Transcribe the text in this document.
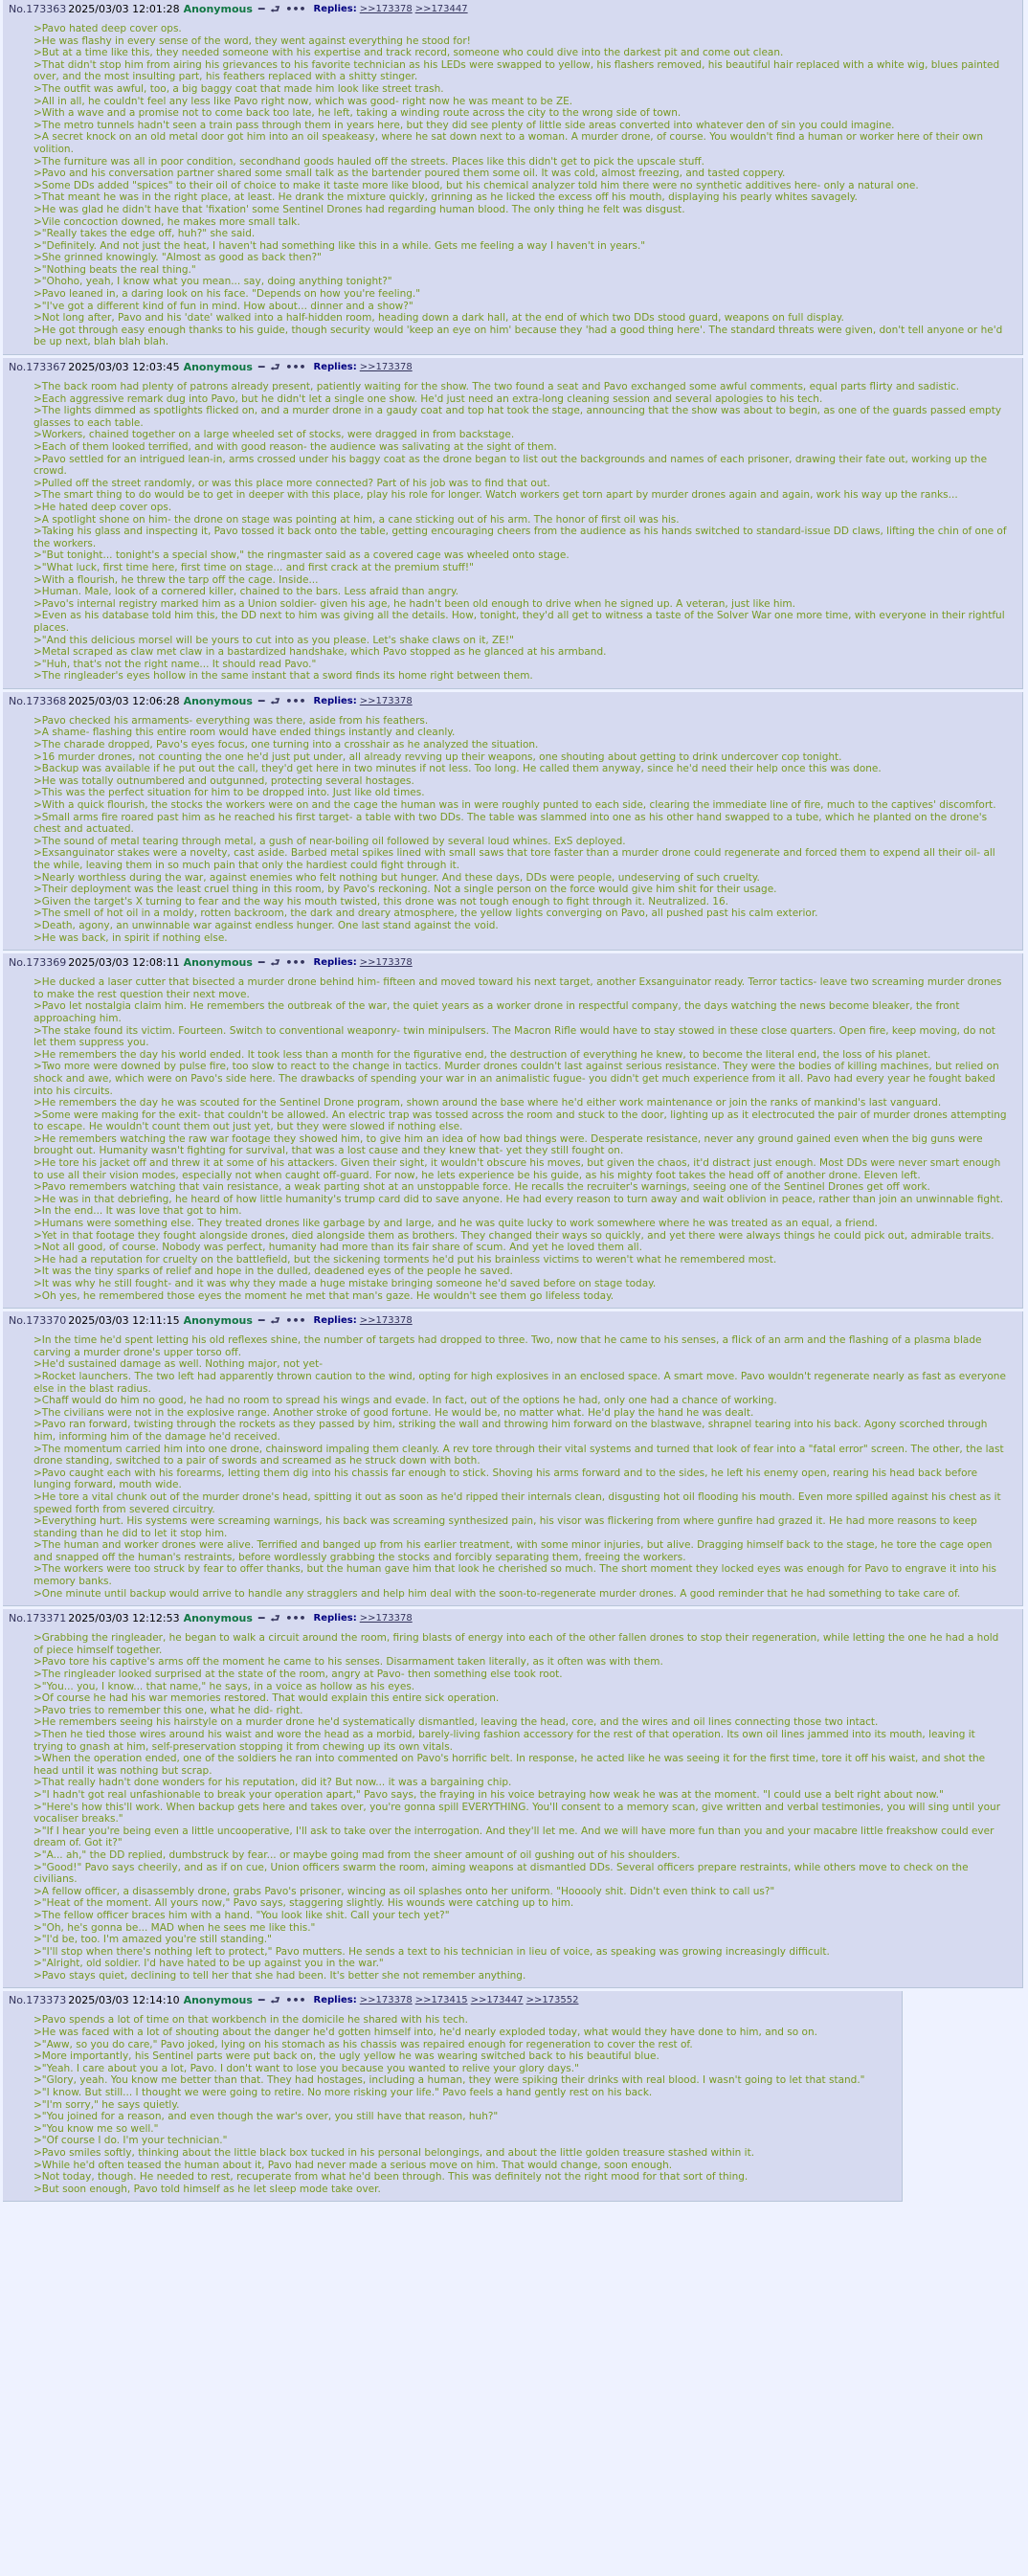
No.173363 2025/03/03 12:01:28 Anonymous ━ ⮐ ••• Replies: >>173378 >>173447
>Pavo hated deep cover ops.
>He was flashy in every sense of the word, they went against everything he stood for!
>But at a time like this, they needed someone with his expertise and track record, someone who could dive into the darkest pit and come out clean.
>That didn't stop him from airing his grievances to his favorite technician as his LEDs were swapped to yellow, his flashers removed, his beautiful hair replaced with a white wig, blues painted over, and the most insulting part, his feathers replaced with a shitty stinger.
>The outfit was awful, too, a big baggy coat that made him look like street trash.
>All in all, he couldn't feel any less like Pavo right now, which was good- right now he was meant to be ZE.
>With a wave and a promise not to come back too late, he left, taking a winding route across the city to the wrong side of town.
>The metro tunnels hadn't seen a train pass through them in years here, but they did see plenty of little side areas converted into whatever den of sin you could imagine.
>A secret knock on an old metal door got him into an oil speakeasy, where he sat down next to a woman. A murder drone, of course. You wouldn't find a human or worker here of their own volition.
>The furniture was all in poor condition, secondhand goods hauled off the streets. Places like this didn't get to pick the upscale stuff.
>Pavo and his conversation partner shared some small talk as the bartender poured them some oil. It was cold, almost freezing, and tasted coppery.
>Some DDs added "spices" to their oil of choice to make it taste more like blood, but his chemical analyzer told him there were no synthetic additives here- only a natural one.
>That meant he was in the right place, at least. He drank the mixture quickly, grinning as he licked the excess off his mouth, displaying his pearly whites savagely.
>He was glad he didn't have that 'fixation' some Sentinel Drones had regarding human blood. The only thing he felt was disgust.
>Vile concoction downed, he makes more small talk.
>"Really takes the edge off, huh?" she said.
>"Definitely. And not just the heat, I haven't had something like this in a while. Gets me feeling a way I haven't in years."
>She grinned knowingly. "Almost as good as back then?"
>"Nothing beats the real thing."
>"Ohoho, yeah, I know what you mean... say, doing anything tonight?"
>Pavo leaned in, a daring look on his face. "Depends on how you're feeling."
>"I've got a different kind of fun in mind. How about... dinner and a show?"
>Not long after, Pavo and his 'date' walked into a half-hidden room, heading down a dark hall, at the end of which two DDs stood guard, weapons on full display.
>He got through easy enough thanks to his guide, though security would 'keep an eye on him' because they 'had a good thing here'. The standard threats were given, don't tell anyone or he'd be up next, blah blah blah.
No.173367 2025/03/03 12:03:45 Anonymous ━ ⮐ ••• Replies: >>173378
>The back room had plenty of patrons already present, patiently waiting for the show. The two found a seat and Pavo exchanged some awful comments, equal parts flirty and sadistic.
>Each aggressive remark dug into Pavo, but he didn't let a single one show. He'd just need an extra-long cleaning session and several apologies to his tech.
>The lights dimmed as spotlights flicked on, and a murder drone in a gaudy coat and top hat took the stage, announcing that the show was about to begin, as one of the guards passed empty glasses to each table.
>Workers, chained together on a large wheeled set of stocks, were dragged in from backstage.
>Each of them looked terrified, and with good reason- the audience was salivating at the sight of them.
>Pavo settled for an intrigued lean-in, arms crossed under his baggy coat as the drone began to list out the backgrounds and names of each prisoner, drawing their fate out, working up the crowd.
>Pulled off the street randomly, or was this place more connected? Part of his job was to find that out.
>The smart thing to do would be to get in deeper with this place, play his role for longer. Watch workers get torn apart by murder drones again and again, work his way up the ranks...
>He hated deep cover ops.
>A spotlight shone on him- the drone on stage was pointing at him, a cane sticking out of his arm. The honor of first oil was his.
>Taking his glass and inspecting it, Pavo tossed it back onto the table, getting encouraging cheers from the audience as his hands switched to standard-issue DD claws, lifting the chin of one of the workers.
>"But tonight... tonight's a special show," the ringmaster said as a covered cage was wheeled onto stage.
>"What luck, first time here, first time on stage... and first crack at the premium stuff!"
>With a flourish, he threw the tarp off the cage. Inside...
>Human. Male, look of a cornered killer, chained to the bars. Less afraid than angry.
>Pavo's internal registry marked him as a Union soldier- given his age, he hadn't been old enough to drive when he signed up. A veteran, just like him.
>Even as his database told him this, the DD next to him was giving all the details. How, tonight, they'd all get to witness a taste of the Solver War one more time, with everyone in their rightful places.
>"And this delicious morsel will be yours to cut into as you please. Let's shake claws on it, ZE!"
>Metal scraped as claw met claw in a bastardized handshake, which Pavo stopped as he glanced at his armband.
>"Huh, that's not the right name... It should read Pavo."
>The ringleader's eyes hollow in the same instant that a sword finds its home right between them.
No.173368 2025/03/03 12:06:28 Anonymous ━ ⮐ ••• Replies: >>173378
>Pavo checked his armaments- everything was there, aside from his feathers.
>A shame- flashing this entire room would have ended things instantly and cleanly.
>The charade dropped, Pavo's eyes focus, one turning into a crosshair as he analyzed the situation.
>16 murder drones, not counting the one he'd just put under, all already revving up their weapons, one shouting about getting to drink undercover cop tonight.
>Backup was available if he put out the call, they'd get here in two minutes if not less. Too long. He called them anyway, since he'd need their help once this was done.
>He was totally outnumbered and outgunned, protecting several hostages.
>This was the perfect situation for him to be dropped into. Just like old times.
>With a quick flourish, the stocks the workers were on and the cage the human was in were roughly punted to each side, clearing the immediate line of fire, much to the captives' discomfort.
>Small arms fire roared past him as he reached his first target- a table with two DDs. The table was slammed into one as his other hand swapped to a tube, which he planted on the drone's chest and actuated.
>The sound of metal tearing through metal, a gush of near-boiling oil followed by several loud whines. ExS deployed.
>Exsanguinator stakes were a novelty, cast aside. Barbed metal spikes lined with small saws that tore faster than a murder drone could regenerate and forced them to expend all their oil- all the while, leaving them in so much pain that only the hardiest could fight through it.
>Nearly worthless during the war, against enemies who felt nothing but hunger. And these days, DDs were people, undeserving of such cruelty.
>Their deployment was the least cruel thing in this room, by Pavo's reckoning. Not a single person on the force would give him shit for their usage.
>Given the target's X turning to fear and the way his mouth twisted, this drone was not tough enough to fight through it. Neutralized. 16.
>The smell of hot oil in a moldy, rotten backroom, the dark and dreary atmosphere, the yellow lights converging on Pavo, all pushed past his calm exterior.
>Death, agony, an unwinnable war against endless hunger. One last stand against the void.
>He was back, in spirit if nothing else.
No.173369 2025/03/03 12:08:11 Anonymous ━ ⮐ ••• Replies: >>173378
>He ducked a laser cutter that bisected a murder drone behind him- fifteen and moved toward his next target, another Exsanguinator ready. Terror tactics- leave two screaming murder drones to make the rest question their next move.
>Pavo let nostalgia claim him. He remembers the outbreak of the war, the quiet years as a worker drone in respectful company, the days watching the news become bleaker, the front approaching him.
>The stake found its victim. Fourteen. Switch to conventional weaponry- twin minipulsers. The Macron Rifle would have to stay stowed in these close quarters. Open fire, keep moving, do not let them suppress you.
>He remembers the day his world ended. It took less than a month for the figurative end, the destruction of everything he knew, to become the literal end, the loss of his planet.
>Two more were downed by pulse fire, too slow to react to the change in tactics. Murder drones couldn't last against serious resistance. They were the bodies of killing machines, but relied on shock and awe, which were on Pavo's side here. The drawbacks of spending your war in an animalistic fugue- you didn't get much experience from it all. Pavo had every year he fought baked into his circuits.
>He remembers the day he was scouted for the Sentinel Drone program, shown around the base where he'd either work maintenance or join the ranks of mankind's last vanguard.
>Some were making for the exit- that couldn't be allowed. An electric trap was tossed across the room and stuck to the door, lighting up as it electrocuted the pair of murder drones attempting to escape. He wouldn't count them out just yet, but they were slowed if nothing else.
>He remembers watching the raw war footage they showed him, to give him an idea of how bad things were. Desperate resistance, never any ground gained even when the big guns were brought out. Humanity wasn't fighting for survival, that was a lost cause and they knew that- yet they still fought on.
>He tore his jacket off and threw it at some of his attackers. Given their sight, it wouldn't obscure his moves, but given the chaos, it'd distract just enough. Most DDs were never smart enough to use all their vision modes, especially not when caught off-guard. For now, he lets experience be his guide, as his mighty foot takes the head off of another drone. Eleven left.
>Pavo remembers watching that vain resistance, a weak parting shot at an unstoppable force. He recalls the recruiter's warnings, seeing one of the Sentinel Drones get off work.
>He was in that debriefing, he heard of how little humanity's trump card did to save anyone. He had every reason to turn away and wait oblivion in peace, rather than join an unwinnable fight.
>In the end... It was love that got to him.
>Humans were something else. They treated drones like garbage by and large, and he was quite lucky to work somewhere where he was treated as an equal, a friend.
>Yet in that footage they fought alongside drones, died alongside them as brothers. They changed their ways so quickly, and yet there were always things he could pick out, admirable traits.
>Not all good, of course. Nobody was perfect, humanity had more than its fair share of scum. And yet he loved them all.
>He had a reputation for cruelty on the battlefield, but the sickening torments he'd put his brainless victims to weren't what he remembered most.
>It was the tiny sparks of relief and hope in the dulled, deadened eyes of the people he saved.
>It was why he still fought- and it was why they made a huge mistake bringing someone he'd saved before on stage today.
>Oh yes, he remembered those eyes the moment he met that man's gaze. He wouldn't see them go lifeless today.
No.173370 2025/03/03 12:11:15 Anonymous ━ ⮐ ••• Replies: >>173378
>In the time he'd spent letting his old reflexes shine, the number of targets had dropped to three. Two, now that he came to his senses, a flick of an arm and the flashing of a plasma blade carving a murder drone's upper torso off.
>He'd sustained damage as well. Nothing major, not yet-
>Rocket launchers. The two left had apparently thrown caution to the wind, opting for high explosives in an enclosed space. A smart move. Pavo wouldn't regenerate nearly as fast as everyone else in the blast radius.
>Chaff would do him no good, he had no room to spread his wings and evade. In fact, out of the options he had, only one had a chance of working.
>The civilians were not in the explosive range. Another stroke of good fortune. He would be, no matter what. He'd play the hand he was dealt.
>Pavo ran forward, twisting through the rockets as they passed by him, striking the wall and throwing him forward on the blastwave, shrapnel tearing into his back. Agony scorched through him, informing him of the damage he'd received.
>The momentum carried him into one drone, chainsword impaling them cleanly. A rev tore through their vital systems and turned that look of fear into a "fatal error" screen. The other, the last drone standing, switched to a pair of swords and screamed as he struck down with both.
>Pavo caught each with his forearms, letting them dig into his chassis far enough to stick. Shoving his arms forward and to the sides, he left his enemy open, rearing his head back before lunging forward, mouth wide.
>He tore a vital chunk out of the murder drone's head, spitting it out as soon as he'd ripped their internals clean, disgusting hot oil flooding his mouth. Even more spilled against his chest as it spewed forth from severed circuitry.
>Everything hurt. His systems were screaming warnings, his back was screaming synthesized pain, his visor was flickering from where gunfire had grazed it. He had more reasons to keep standing than he did to let it stop him.
>The human and worker drones were alive. Terrified and banged up from his earlier treatment, with some minor injuries, but alive. Dragging himself back to the stage, he tore the cage open and snapped off the human's restraints, before wordlessly grabbing the stocks and forcibly separating them, freeing the workers.
>The workers were too struck by fear to offer thanks, but the human gave him that look he cherished so much. The short moment they locked eyes was enough for Pavo to engrave it into his memory banks.
>One minute until backup would arrive to handle any stragglers and help him deal with the soon-to-regenerate murder drones. A good reminder that he had something to take care of.
No.173371 2025/03/03 12:12:53 Anonymous ━ ⮐ ••• Replies: >>173378
>Grabbing the ringleader, he began to walk a circuit around the room, firing blasts of energy into each of the other fallen drones to stop their regeneration, while letting the one he had a hold of piece himself together.
>Pavo tore his captive's arms off the moment he came to his senses. Disarmament taken literally, as it often was with them.
>The ringleader looked surprised at the state of the room, angry at Pavo- then something else took root.
>"You... you, I know... that name," he says, in a voice as hollow as his eyes.
>Of course he had his war memories restored. That would explain this entire sick operation.
>Pavo tries to remember this one, what he did- right.
>He remembers seeing his hairstyle on a murder drone he'd systematically dismantled, leaving the head, core, and the wires and oil lines connecting those two intact.
>Then he tied those wires around his waist and wore the head as a morbid, barely-living fashion accessory for the rest of that operation. Its own oil lines jammed into its mouth, leaving it trying to gnash at him, self-preservation stopping it from chewing up its own vitals.
>When the operation ended, one of the soldiers he ran into commented on Pavo's horrific belt. In response, he acted like he was seeing it for the first time, tore it off his waist, and shot the head until it was nothing but scrap.
>That really hadn't done wonders for his reputation, did it? But now... it was a bargaining chip.
>"I hadn't got real unfashionable to break your operation apart," Pavo says, the fraying in his voice betraying how weak he was at the moment. "I could use a belt right about now."
>"Here's how this'll work. When backup gets here and takes over, you're gonna spill EVERYTHING. You'll consent to a memory scan, give written and verbal testimonies, you will sing until your vocaliser breaks."
>"If I hear you're being even a little uncooperative, I'll ask to take over the interrogation. And they'll let me. And we will have more fun than you and your macabre little freakshow could ever dream of. Got it?"
>"A... ah," the DD replied, dumbstruck by fear... or maybe going mad from the sheer amount of oil gushing out of his shoulders.
>"Good!" Pavo says cheerily, and as if on cue, Union officers swarm the room, aiming weapons at dismantled DDs. Several officers prepare restraints, while others move to check on the civilians.
>A fellow officer, a disassembly drone, grabs Pavo's prisoner, wincing as oil splashes onto her uniform. "Hooooly shit. Didn't even think to call us?"
>"Heat of the moment. All yours now," Pavo says, staggering slightly. His wounds were catching up to him.
>The fellow officer braces him with a hand. "You look like shit. Call your tech yet?"
>"Oh, he's gonna be... MAD when he sees me like this."
>"I'd be, too. I'm amazed you're still standing."
>"I'll stop when there's nothing left to protect," Pavo mutters. He sends a text to his technician in lieu of voice, as speaking was growing increasingly difficult.
>"Alright, old soldier. I'd have hated to be up against you in the war."
>Pavo stays quiet, declining to tell her that she had been. It's better she not remember anything.
No.173373 2025/03/03 12:14:10 Anonymous ━ ⮐ ••• Replies: >>173378 >>173415 >>173447 >>173552
>Pavo spends a lot of time on that workbench in the domicile he shared with his tech.
>He was faced with a lot of shouting about the danger he'd gotten himself into, he'd nearly exploded today, what would they have done to him, and so on.
>"Aww, so you do care," Pavo joked, lying on his stomach as his chassis was repaired enough for regeneration to cover the rest of.
>More importantly, his Sentinel parts were put back on, the ugly yellow he was wearing switched back to his beautiful blue.
>"Yeah. I care about you a lot, Pavo. I don't want to lose you because you wanted to relive your glory days."
>"Glory, yeah. You know me better than that. They had hostages, including a human, they were spiking their drinks with real blood. I wasn't going to let that stand."
>"I know. But still... I thought we were going to retire. No more risking your life." Pavo feels a hand gently rest on his back.
>"I'm sorry," he says quietly.
>"You joined for a reason, and even though the war's over, you still have that reason, huh?"
>"You know me so well."
>"Of course I do. I'm your technician."
>Pavo smiles softly, thinking about the little black box tucked in his personal belongings, and about the little golden treasure stashed within it.
>While he'd often teased the human about it, Pavo had never made a serious move on him. That would change, soon enough.
>Not today, though. He needed to rest, recuperate from what he'd been through. This was definitely not the right mood for that sort of thing.
>But soon enough, Pavo told himself as he let sleep mode take over.
